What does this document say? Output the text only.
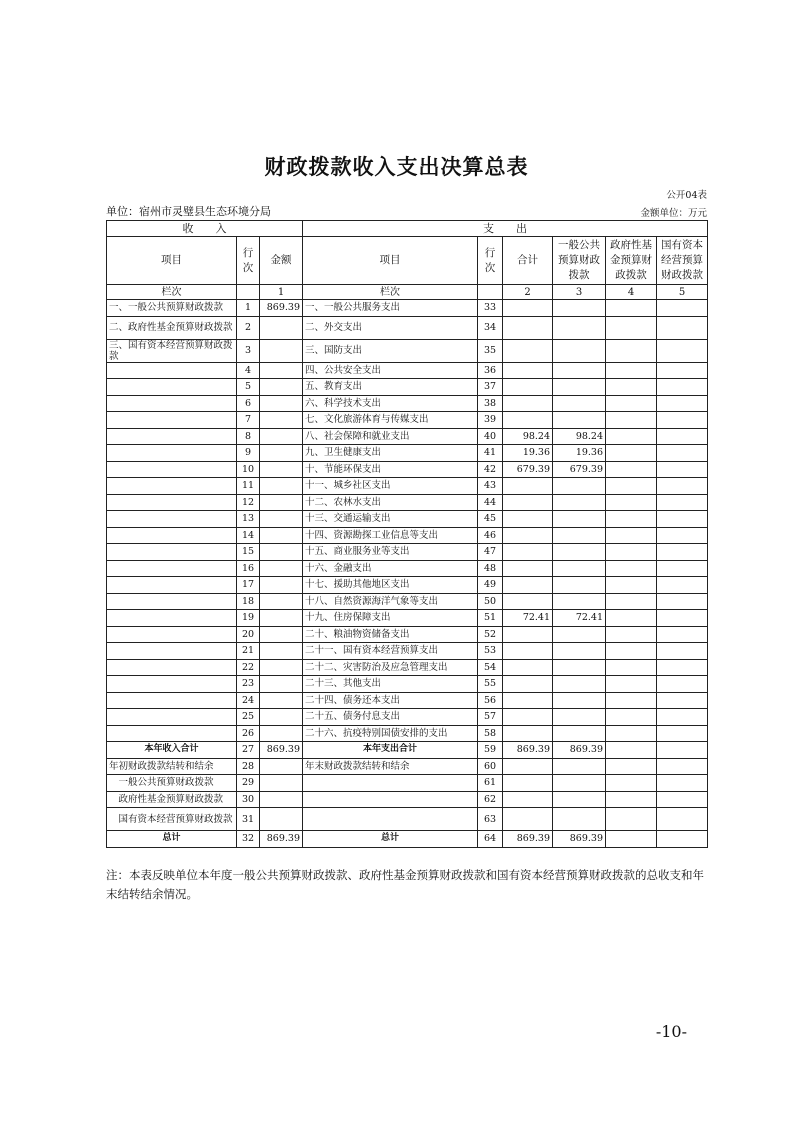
财政拨款收入支出决算总表
公开04表
单位：宿州市灵璧县生态环境分局	金额单位：万元
收　　入			支　　出					
项目	行次	金额	项目	行次	合计	一般公共预算财政拨款	政府性基金预算财政拨款	国有资本经营预算财政拨款
栏次		1	栏次		2	3	4	5
一、一般公共预算财政拨款	1	869.39	一、一般公共服务支出	33				
二、政府性基金预算财政拨款	2		二、外交支出	34				
三、国有资本经营预算财政拨款	3		三、国防支出	35				
	4		四、公共安全支出	36				
	5		五、教育支出	37				
	6		六、科学技术支出	38				
	7		七、文化旅游体育与传媒支出	39				
	8		八、社会保障和就业支出	40	98.24	98.24		
	9		九、卫生健康支出	41	19.36	19.36		
	10		十、节能环保支出	42	679.39	679.39		
	11		十一、城乡社区支出	43				
	12		十二、农林水支出	44				
	13		十三、交通运输支出	45				
	14		十四、资源勘探工业信息等支出	46				
	15		十五、商业服务业等支出	47				
	16		十六、金融支出	48				
	17		十七、援助其他地区支出	49				
	18		十八、自然资源海洋气象等支出	50				
	19		十九、住房保障支出	51	72.41	72.41		
	20		二十、粮油物资储备支出	52				
	21		二十一、国有资本经营预算支出	53				
	22		二十二、灾害防治及应急管理支出	54				
	23		二十三、其他支出	55				
	24		二十四、债务还本支出	56				
	25		二十五、债务付息支出	57				
	26		二十六、抗疫特别国债安排的支出	58				
本年收入合计	27	869.39	本年支出合计	59	869.39	869.39		
年初财政拨款结转和结余	28		年末财政拨款结转和结余	60				
　一般公共预算财政拨款	29			61				
　政府性基金预算财政拨款	30			62				
　国有资本经营预算财政拨款	31			63				
总计	32	869.39	总计	64	869.39	869.39		
注：本表反映单位本年度一般公共预算财政拨款、政府性基金预算财政拨款和国有资本经营预算财政拨款的总收支和年末结转结余情况。
-10-
